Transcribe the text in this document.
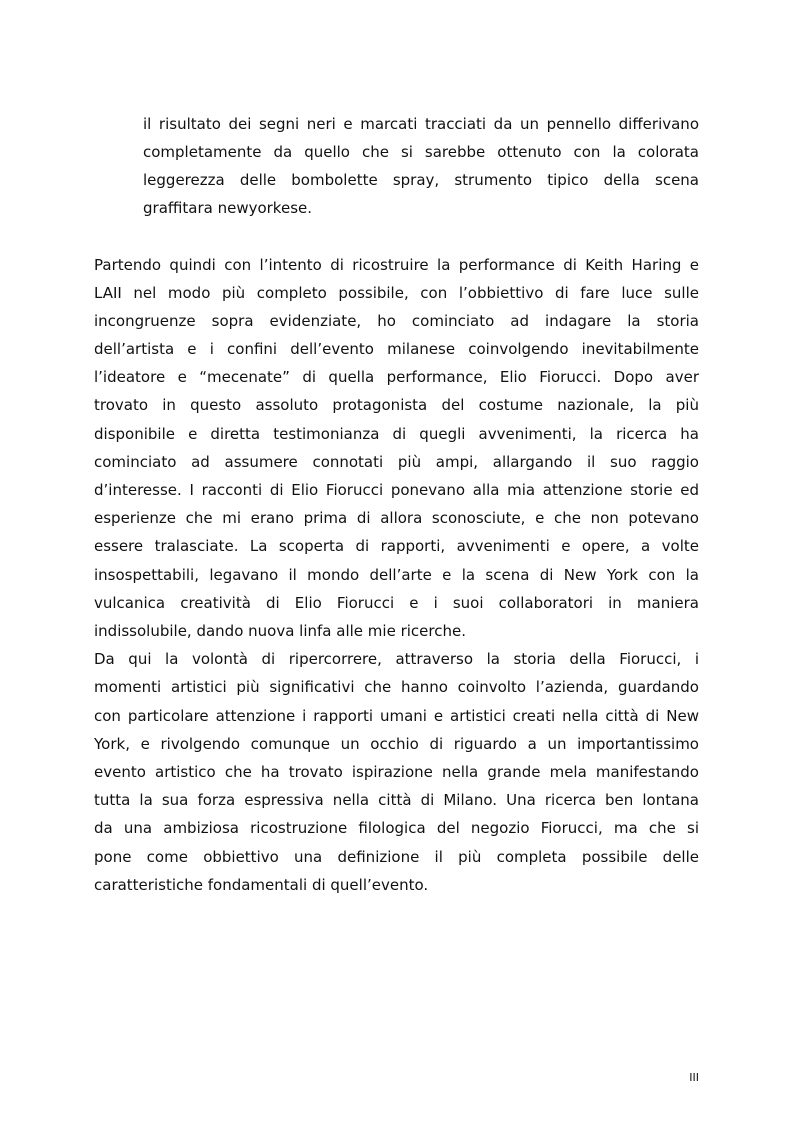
il risultato dei segni neri e marcati tracciati da un pennello differivano
completamente da quello che si sarebbe ottenuto con la colorata
leggerezza delle bombolette spray, strumento tipico della scena
graffitara newyorkese.
Partendo quindi con l’intento di ricostruire la performance di Keith Haring e
LAII nel modo più completo possibile, con l’obbiettivo di fare luce sulle
incongruenze sopra evidenziate, ho cominciato ad indagare la storia
dell’artista e i confini dell’evento milanese coinvolgendo inevitabilmente
l’ideatore e “mecenate” di quella performance, Elio Fiorucci. Dopo aver
trovato in questo assoluto protagonista del costume nazionale, la più
disponibile e diretta testimonianza di quegli avvenimenti, la ricerca ha
cominciato ad assumere connotati più ampi, allargando il suo raggio
d’interesse. I racconti di Elio Fiorucci ponevano alla mia attenzione storie ed
esperienze che mi erano prima di allora sconosciute, e che non potevano
essere tralasciate. La scoperta di rapporti, avvenimenti e opere, a volte
insospettabili, legavano il mondo dell’arte e la scena di New York con la
vulcanica creatività di Elio Fiorucci e i suoi collaboratori in maniera
indissolubile, dando nuova linfa alle mie ricerche.
Da qui la volontà di ripercorrere, attraverso la storia della Fiorucci, i
momenti artistici più significativi che hanno coinvolto l’azienda, guardando
con particolare attenzione i rapporti umani e artistici creati nella città di New
York, e rivolgendo comunque un occhio di riguardo a un importantissimo
evento artistico che ha trovato ispirazione nella grande mela manifestando
tutta la sua forza espressiva nella città di Milano. Una ricerca ben lontana
da una ambiziosa ricostruzione filologica del negozio Fiorucci, ma che si
pone come obbiettivo una definizione il più completa possibile delle
caratteristiche fondamentali di quell’evento.
III
